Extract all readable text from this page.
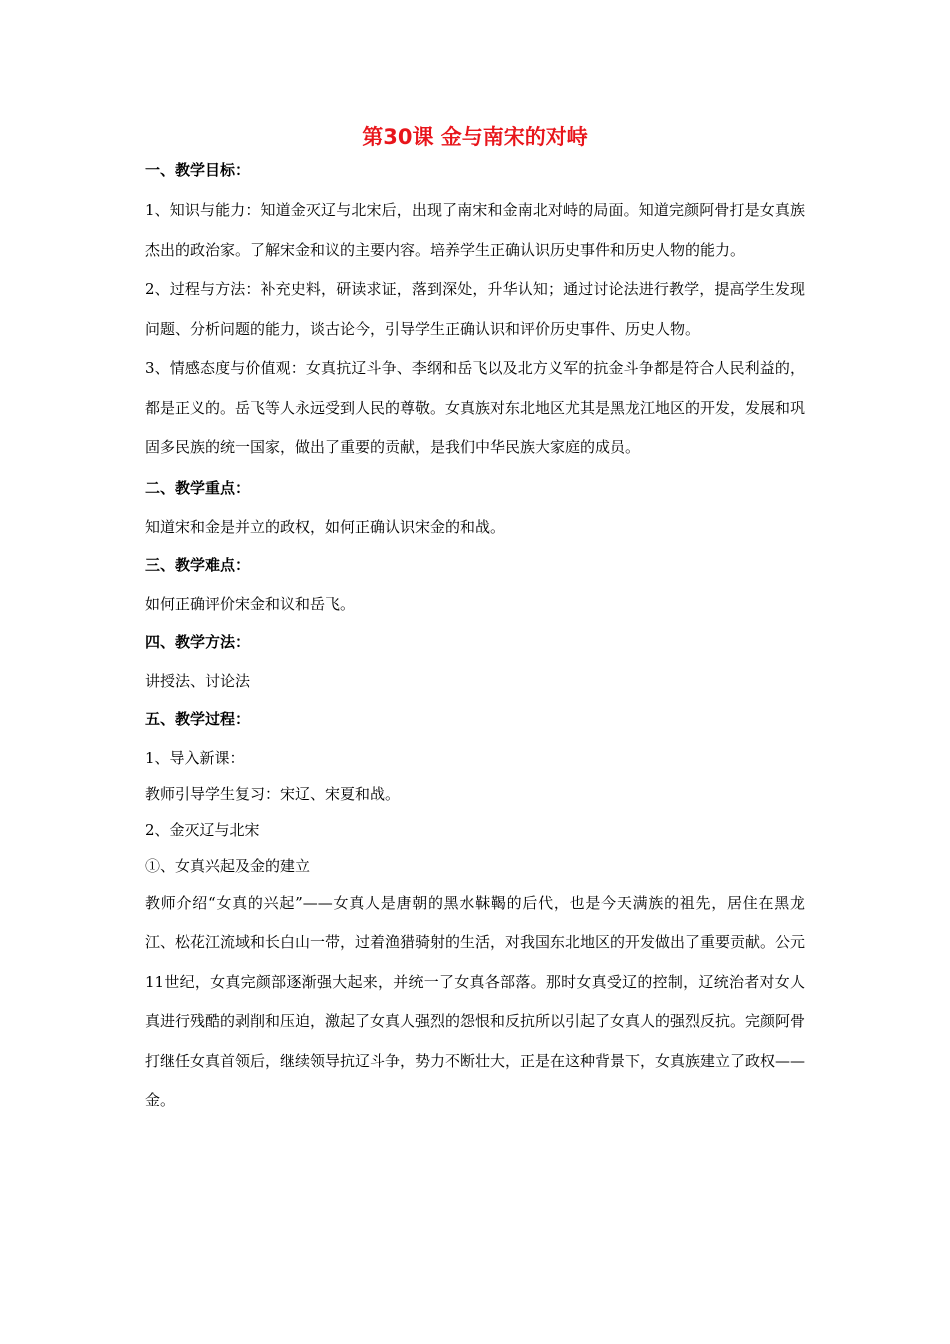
第30课 金与南宋的对峙
一、教学目标：

1、知识与能力：知道金灭辽与北宋后，出现了南宋和金南北对峙的局面。知道完颜阿骨打是女真族杰出的政治家。了解宋金和议的主要内容。培养学生正确认识历史事件和历史人物的能力。

2、过程与方法：补充史料，研读求证，落到深处，升华认知；通过讨论法进行教学，提高学生发现问题、分析问题的能力，谈古论今，引导学生正确认识和评价历史事件、历史人物。

3、情感态度与价值观：女真抗辽斗争、李纲和岳飞以及北方义军的抗金斗争都是符合人民利益的，都是正义的。岳飞等人永远受到人民的尊敬。女真族对东北地区尤其是黑龙江地区的开发，发展和巩固多民族的统一国家，做出了重要的贡献，是我们中华民族大家庭的成员。

二、教学重点：

知道宋和金是并立的政权，如何正确认识宋金的和战。

三、教学难点：

如何正确评价宋金和议和岳飞。

四、教学方法：

讲授法、讨论法

五、教学过程：

1、导入新课：

教师引导学生复习：宋辽、宋夏和战。

2、金灭辽与北宋

①、女真兴起及金的建立

教师介绍“女真的兴起”——女真人是唐朝的黑水靺鞨的后代，也是今天满族的祖先，居住在黑龙江、松花江流域和长白山一带，过着渔猎骑射的生活，对我国东北地区的开发做出了重要贡献。公元11世纪，女真完颜部逐渐强大起来，并统一了女真各部落。那时女真受辽的控制，辽统治者对女人真进行残酷的剥削和压迫，激起了女真人强烈的怨恨和反抗所以引起了女真人的强烈反抗。完颜阿骨打继任女真首领后，继续领导抗辽斗争，势力不断壮大，正是在这种背景下，女真族建立了政权——金。
